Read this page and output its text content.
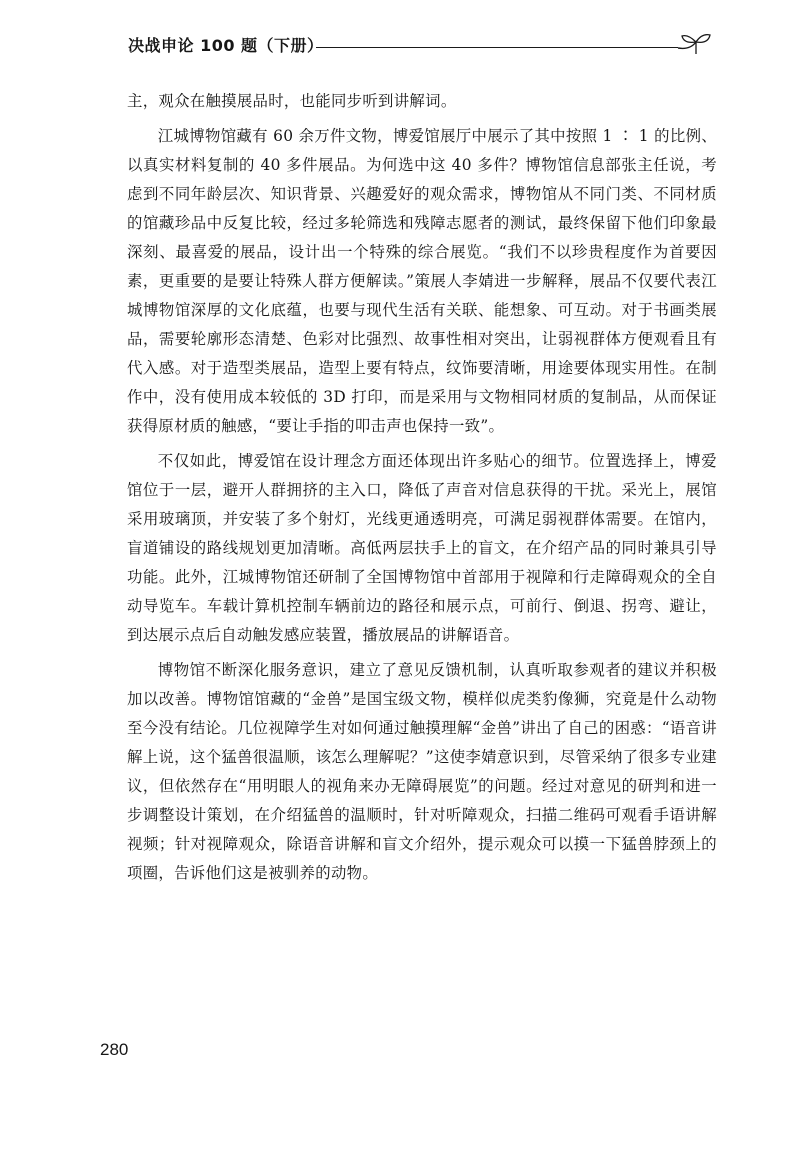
决战申论 100 题（下册）

主，观众在触摸展品时，也能同步听到讲解词。

江城博物馆藏有 60 余万件文物，博爱馆展厅中展示了其中按照 1 ∶ 1 的比例、以真实材料复制的 40 多件展品。为何选中这 40 多件？博物馆信息部张主任说，考虑到不同年龄层次、知识背景、兴趣爱好的观众需求，博物馆从不同门类、不同材质的馆藏珍品中反复比较，经过多轮筛选和残障志愿者的测试，最终保留下他们印象最深刻、最喜爱的展品，设计出一个特殊的综合展览。“我们不以珍贵程度作为首要因素，更重要的是要让特殊人群方便解读。”策展人李婧进一步解释，展品不仅要代表江城博物馆深厚的文化底蕴，也要与现代生活有关联、能想象、可互动。对于书画类展品，需要轮廓形态清楚、色彩对比强烈、故事性相对突出，让弱视群体方便观看且有代入感。对于造型类展品，造型上要有特点，纹饰要清晰，用途要体现实用性。在制作中，没有使用成本较低的 3D 打印，而是采用与文物相同材质的复制品，从而保证获得原材质的触感，“要让手指的叩击声也保持一致”。

不仅如此，博爱馆在设计理念方面还体现出许多贴心的细节。位置选择上，博爱馆位于一层，避开人群拥挤的主入口，降低了声音对信息获得的干扰。采光上，展馆采用玻璃顶，并安装了多个射灯，光线更通透明亮，可满足弱视群体需要。在馆内，盲道铺设的路线规划更加清晰。高低两层扶手上的盲文，在介绍产品的同时兼具引导功能。此外，江城博物馆还研制了全国博物馆中首部用于视障和行走障碍观众的全自动导览车。车载计算机控制车辆前边的路径和展示点，可前行、倒退、拐弯、避让，到达展示点后自动触发感应装置，播放展品的讲解语音。

博物馆不断深化服务意识，建立了意见反馈机制，认真听取参观者的建议并积极加以改善。博物馆馆藏的“金兽”是国宝级文物，模样似虎类豹像狮，究竟是什么动物至今没有结论。几位视障学生对如何通过触摸理解“金兽”讲出了自己的困惑：“语音讲解上说，这个猛兽很温顺，该怎么理解呢？”这使李婧意识到，尽管采纳了很多专业建议，但依然存在“用明眼人的视角来办无障碍展览”的问题。经过对意见的研判和进一步调整设计策划，在介绍猛兽的温顺时，针对听障观众，扫描二维码可观看手语讲解视频；针对视障观众，除语音讲解和盲文介绍外，提示观众可以摸一下猛兽脖颈上的项圈，告诉他们这是被驯养的动物。

280
